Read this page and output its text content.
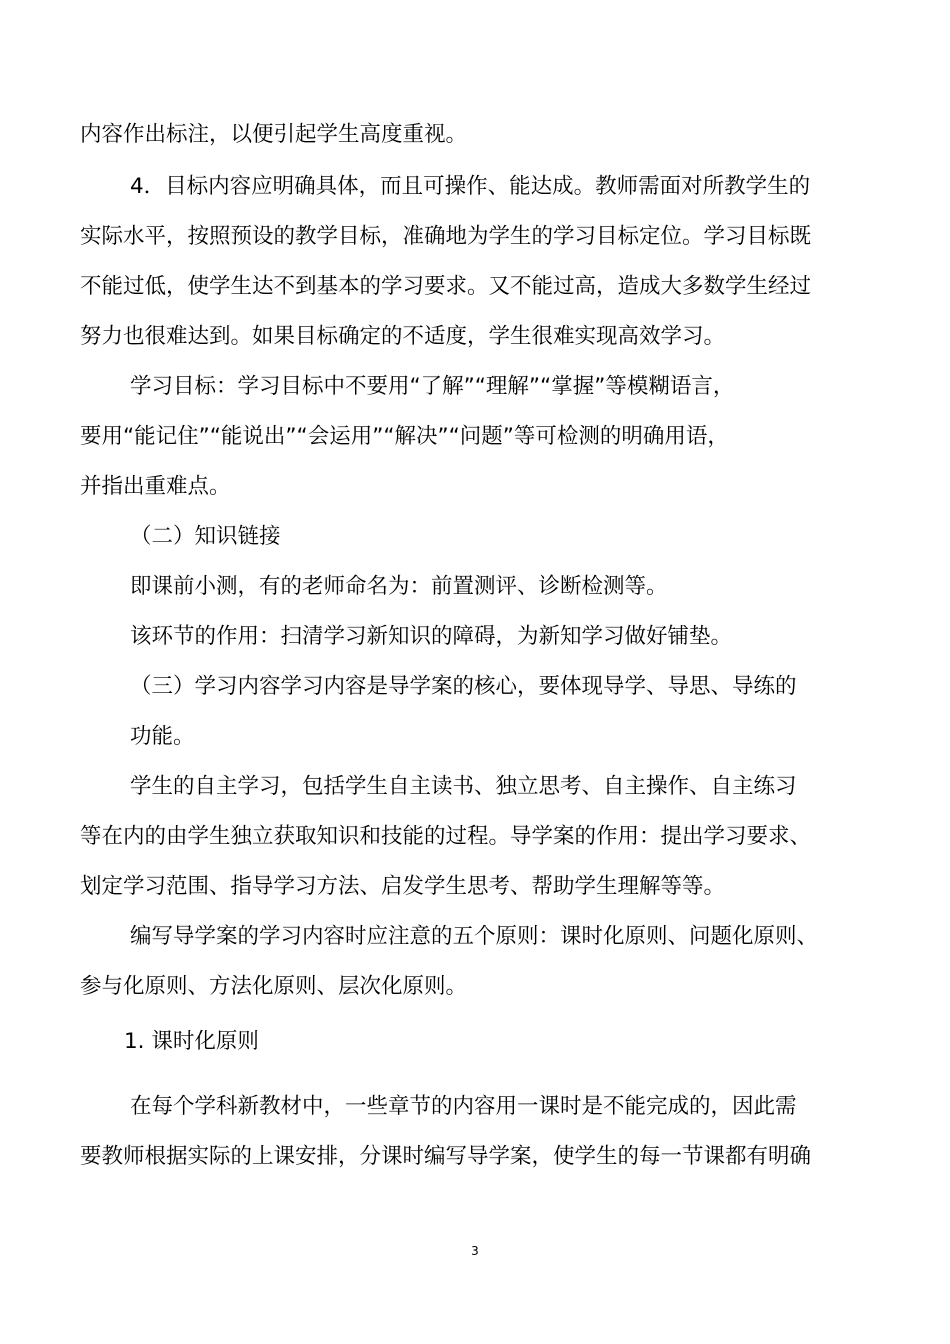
内容作出标注，以便引起学生高度重视。
4．目标内容应明确具体，而且可操作、能达成。教师需面对所教学生的
实际水平，按照预设的教学目标，准确地为学生的学习目标定位。学习目标既
不能过低，使学生达不到基本的学习要求。又不能过高，造成大多数学生经过
努力也很难达到。如果目标确定的不适度，学生很难实现高效学习。
学习目标：学习目标中不要用“了解”“理解”“掌握”等模糊语言，
要用“能记住”“能说出”“会运用”“解决”“问题”等可检测的明确用语，
并指出重难点。
（二）知识链接
即课前小测，有的老师命名为：前置测评、诊断检测等。
该环节的作用：扫清学习新知识的障碍，为新知学习做好铺垫。
（三）学习内容学习内容是导学案的核心，要体现导学、导思、导练的
功能。
学生的自主学习，包括学生自主读书、独立思考、自主操作、自主练习
等在内的由学生独立获取知识和技能的过程。导学案的作用：提出学习要求、
划定学习范围、指导学习方法、启发学生思考、帮助学生理解等等。
编写导学案的学习内容时应注意的五个原则：课时化原则、问题化原则、
参与化原则、方法化原则、层次化原则。
1. 课时化原则
在每个学科新教材中，一些章节的内容用一课时是不能完成的，因此需
要教师根据实际的上课安排，分课时编写导学案，使学生的每一节课都有明确
3
